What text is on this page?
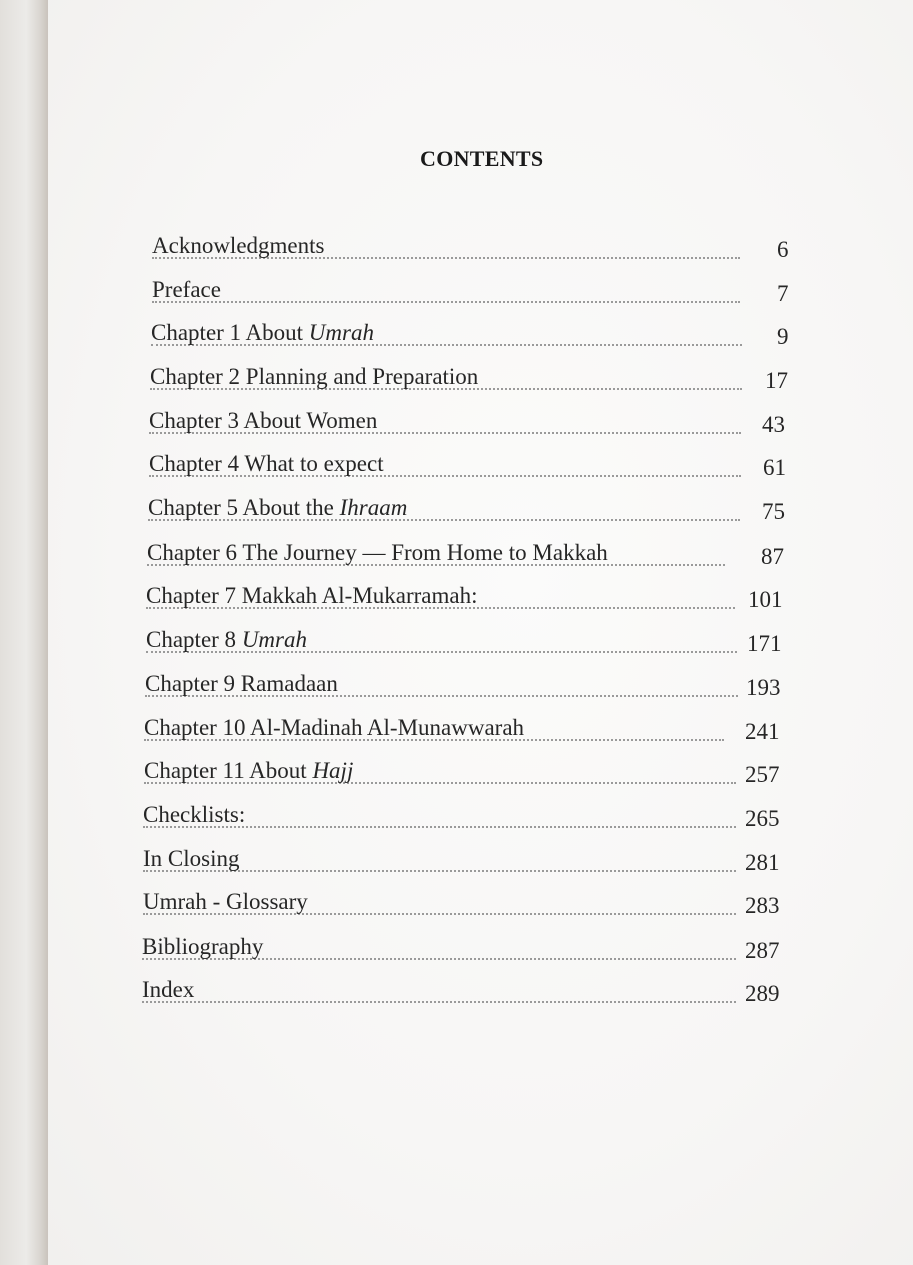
CONTENTS
Acknowledgments	6
Preface	7
Chapter 1 About Umrah	9
Chapter 2 Planning and Preparation	17
Chapter 3 About Women	43
Chapter 4 What to expect	61
Chapter 5 About the Ihraam	75
Chapter 6 The Journey — From Home to Makkah	87
Chapter 7 Makkah Al-Mukarramah:	101
Chapter 8 Umrah	171
Chapter 9 Ramadaan	193
Chapter 10 Al-Madinah Al-Munawwarah	241
Chapter 11 About Hajj	257
Checklists:	265
In Closing	281
Umrah - Glossary	283
Bibliography	287
Index	289
